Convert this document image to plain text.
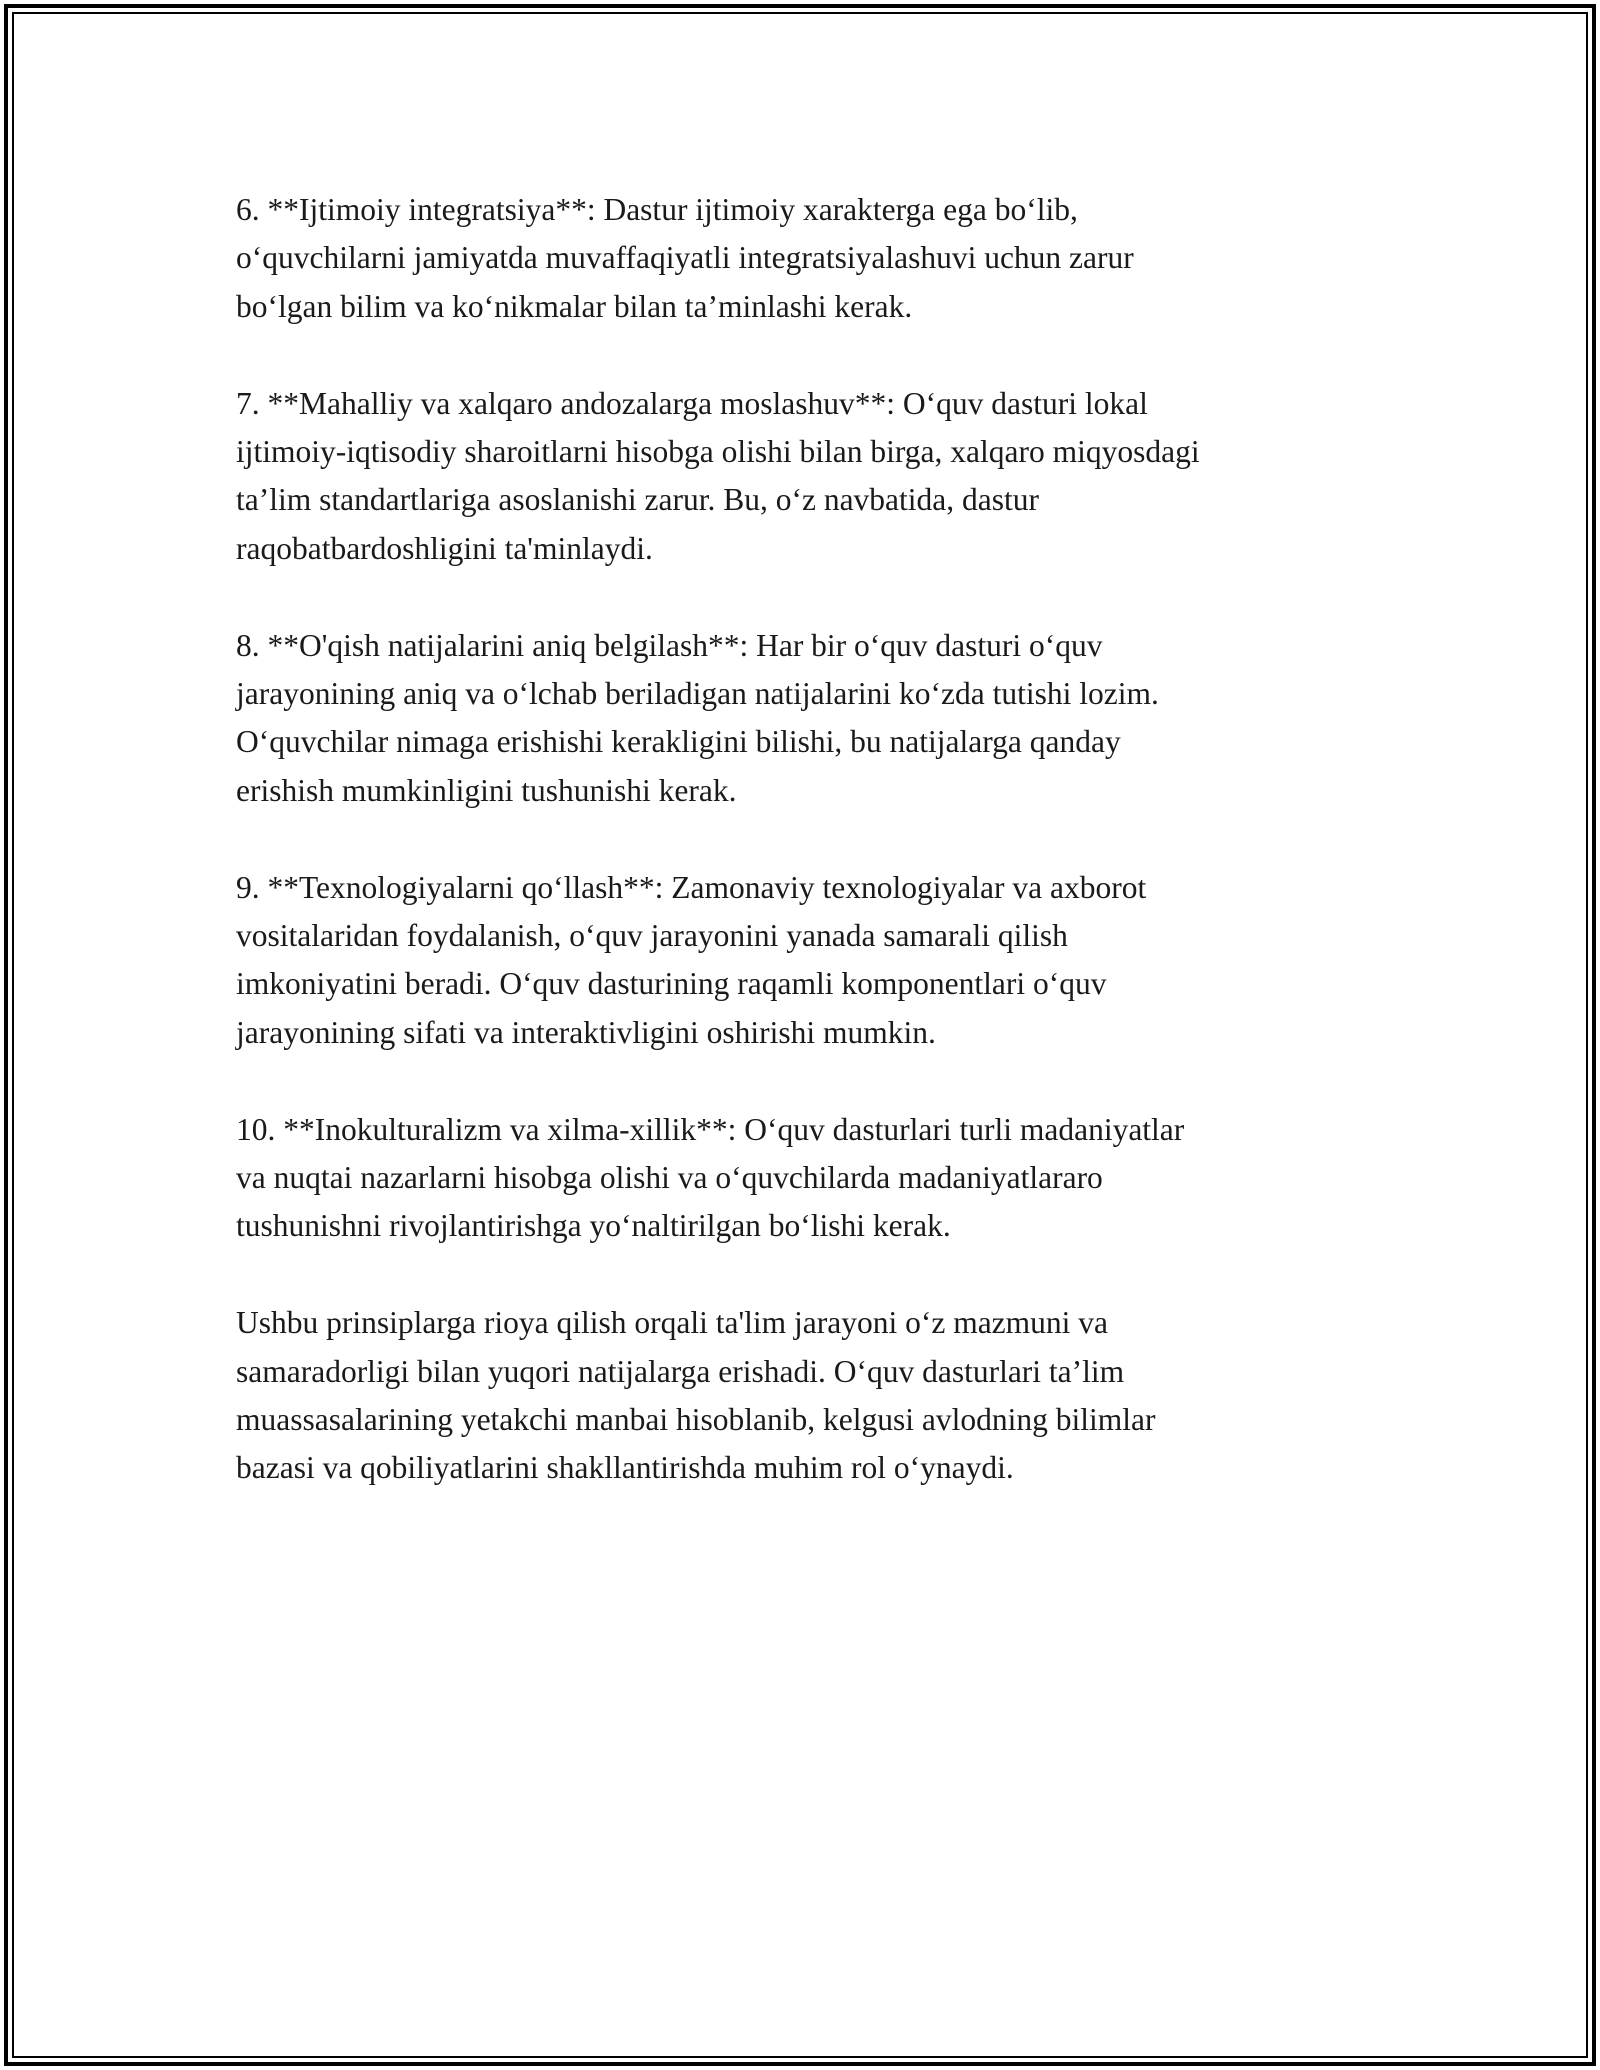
6. **Ijtimoiy integratsiya**: Dastur ijtimoiy xarakterga ega bo‘lib,
o‘quvchilarni jamiyatda muvaffaqiyatli integratsiyalashuvi uchun zarur
bo‘lgan bilim va ko‘nikmalar bilan ta’minlashi kerak.

7. **Mahalliy va xalqaro andozalarga moslashuv**: O‘quv dasturi lokal
ijtimoiy-iqtisodiy sharoitlarni hisobga olishi bilan birga, xalqaro miqyosdagi
ta’lim standartlariga asoslanishi zarur. Bu, o‘z navbatida, dastur
raqobatbardoshligini ta'minlaydi.

8. **O'qish natijalarini aniq belgilash**: Har bir o‘quv dasturi o‘quv
jarayonining aniq va o‘lchab beriladigan natijalarini ko‘zda tutishi lozim.
O‘quvchilar nimaga erishishi kerakligini bilishi, bu natijalarga qanday
erishish mumkinligini tushunishi kerak.

9. **Texnologiyalarni qo‘llash**: Zamonaviy texnologiyalar va axborot
vositalaridan foydalanish, o‘quv jarayonini yanada samarali qilish
imkoniyatini beradi. O‘quv dasturining raqamli komponentlari o‘quv
jarayonining sifati va interaktivligini oshirishi mumkin.

10. **Inokulturalizm va xilma-xillik**: O‘quv dasturlari turli madaniyatlar
va nuqtai nazarlarni hisobga olishi va o‘quvchilarda madaniyatlararo
tushunishni rivojlantirishga yo‘naltirilgan bo‘lishi kerak.

Ushbu prinsiplarga rioya qilish orqali ta'lim jarayoni o‘z mazmuni va
samaradorligi bilan yuqori natijalarga erishadi. O‘quv dasturlari ta’lim
muassasalarining yetakchi manbai hisoblanib, kelgusi avlodning bilimlar
bazasi va qobiliyatlarini shakllantirishda muhim rol o‘ynaydi.
